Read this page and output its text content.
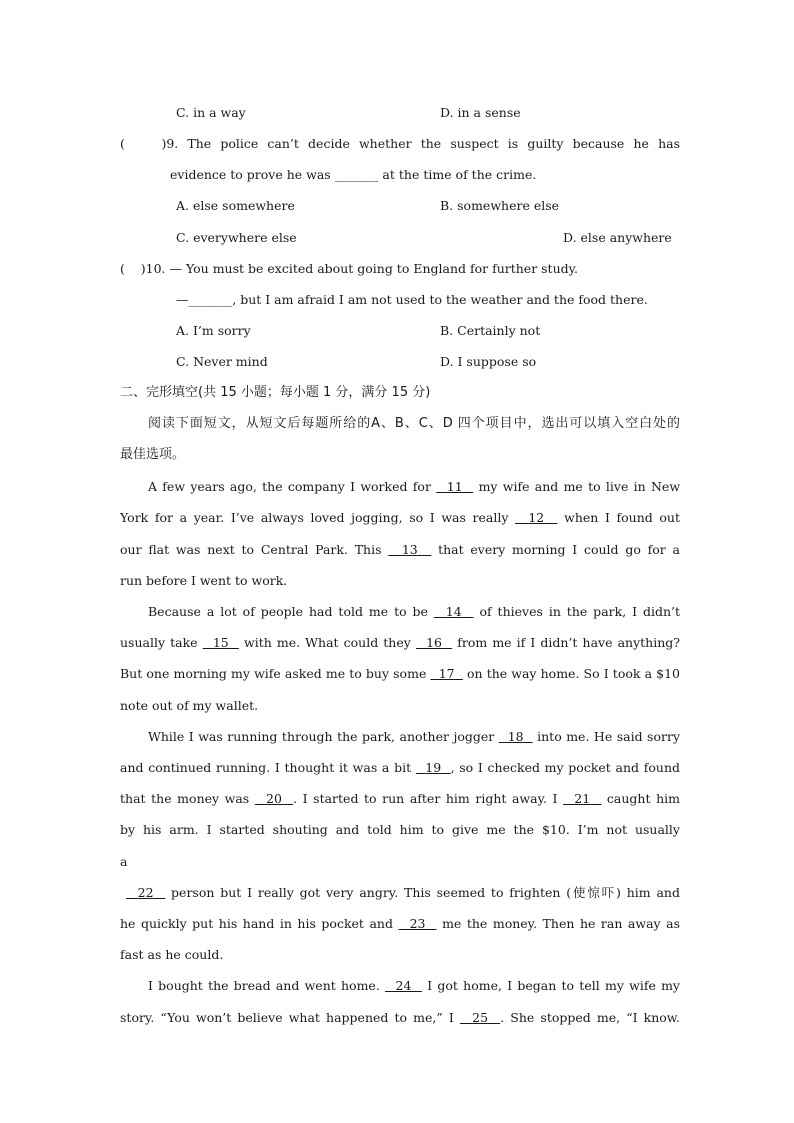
C. in a way	D. in a sense
(    )9. The police can’t decide whether the suspect is guilty because he has
evidence to prove he was _______ at the time of the crime.
A. else somewhere	B. somewhere else
C. everywhere else	D. else anywhere
(    )10. — You must be excited about going to England for further study.
—_______, but I am afraid I am not used to the weather and the food there.
A. I’m sorry	B. Certainly not
C. Never mind	D. I suppose so
二、完形填空(共 15 小题；每小题 1 分，满分 15 分)
阅读下面短文，从短文后每题所给的A、B、C、D 四个项目中，选出可以填入空白处的
最佳选项。
A few years ago, the company I worked for 11 my wife and me to live in New
York for a year. I’ve always loved jogging, so I was really 12 when I found out
our flat was next to Central Park. This 13 that every morning I could go for a
run before I went to work.
Because a lot of people had told me to be 14 of thieves in the park, I didn’t
usually take 15 with me. What could they 16 from me if I didn’t have anything?
But one morning my wife asked me to buy some 17 on the way home. So I took a $10
note out of my wallet.
While I was running through the park, another jogger 18 into me. He said sorry
and continued running. I thought it was a bit 19 , so I checked my pocket and found
that the money was 20 . I started to run after him right away. I 21 caught him
by his arm. I started shouting and told him to give me the $10. I’m not usually
a
22 person but I really got very angry. This seemed to frighten (使惊吓) him and
he quickly put his hand in his pocket and 23 me the money. Then he ran away as
fast as he could.
I bought the bread and went home. 24 I got home, I began to tell my wife my
story. “You won’t believe what happened to me,” I 25 . She stopped me, “I know.
